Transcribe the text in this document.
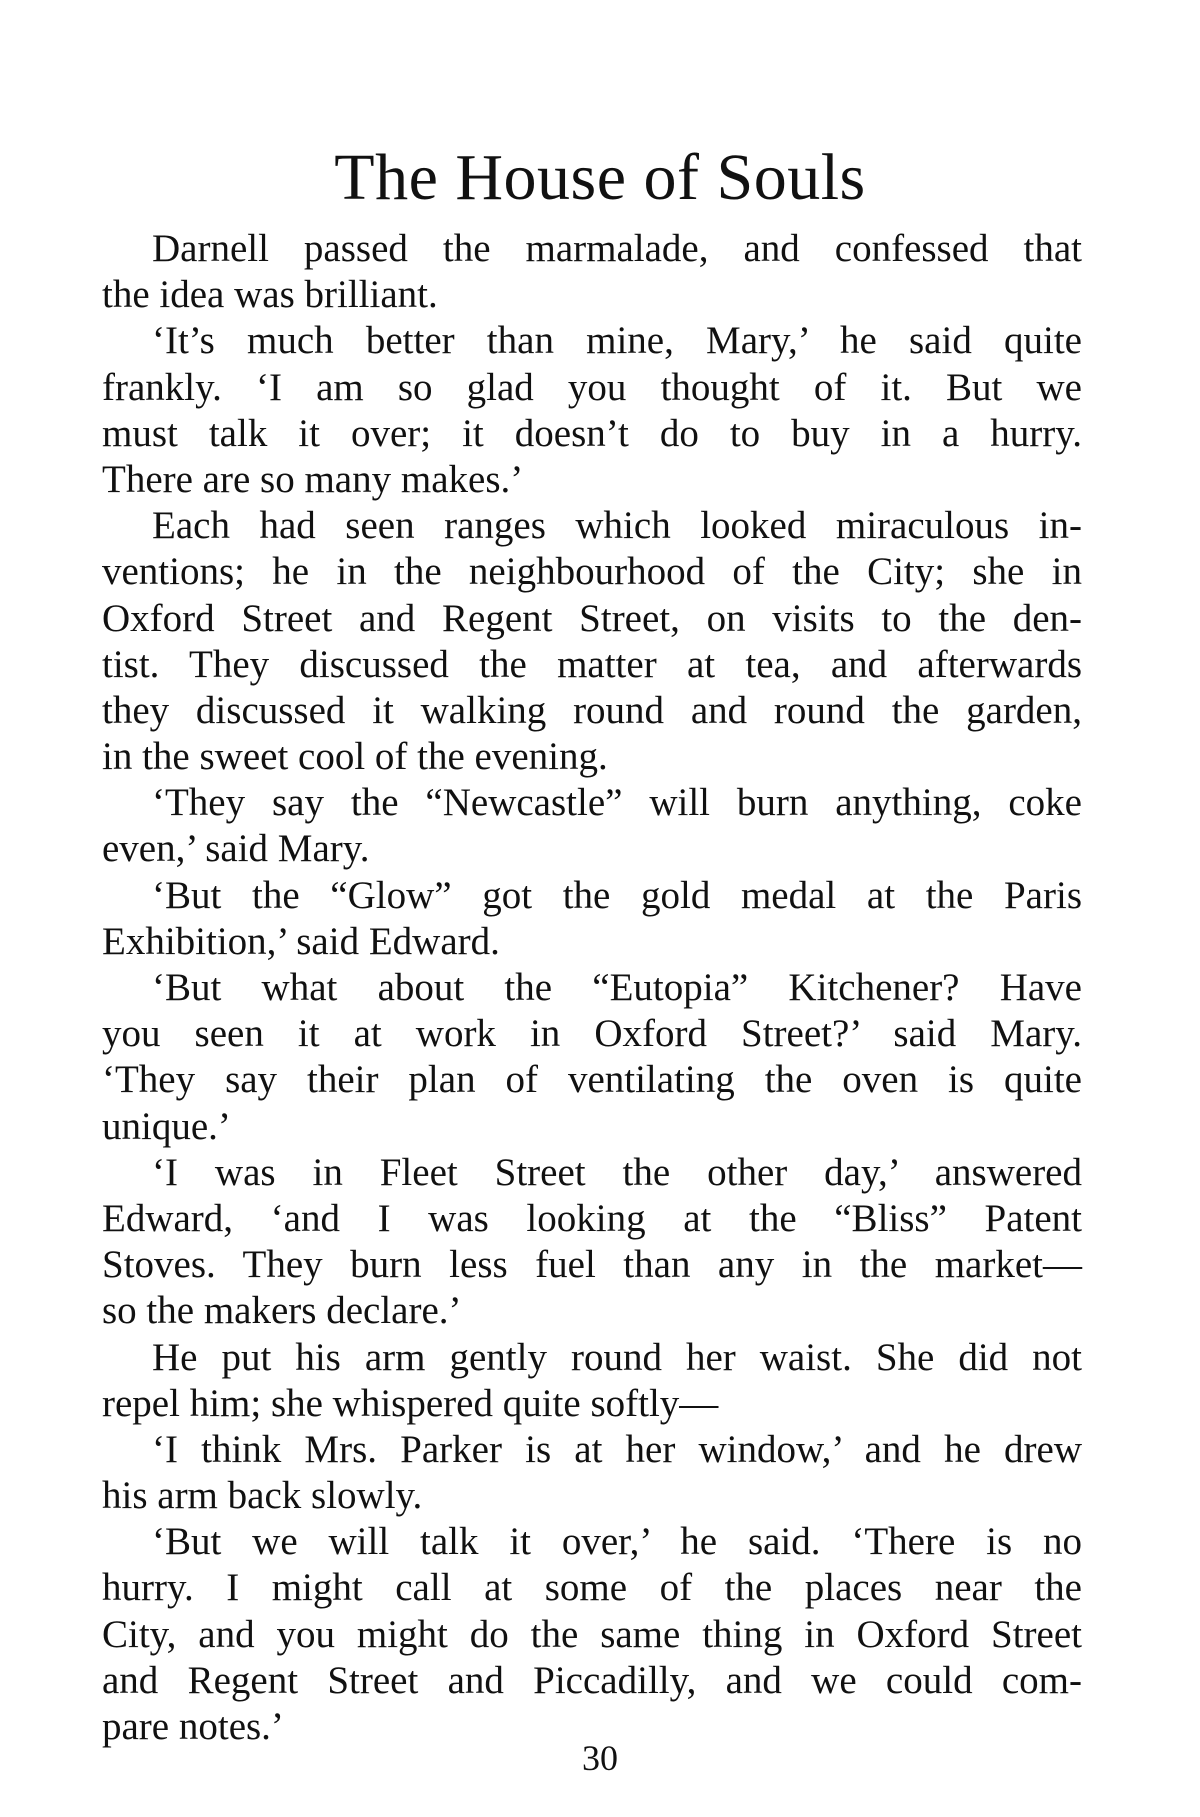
The House of Souls
Darnell passed the marmalade, and confessed that
the idea was brilliant.
‘It’s much better than mine, Mary,’ he said quite
frankly. ‘I am so glad you thought of it. But we
must talk it over; it doesn’t do to buy in a hurry.
There are so many makes.’
Each had seen ranges which looked miraculous in-
ventions; he in the neighbourhood of the City; she in
Oxford Street and Regent Street, on visits to the den-
tist. They discussed the matter at tea, and afterwards
they discussed it walking round and round the garden,
in the sweet cool of the evening.
‘They say the “Newcastle” will burn anything, coke
even,’ said Mary.
‘But the “Glow” got the gold medal at the Paris
Exhibition,’ said Edward.
‘But what about the “Eutopia” Kitchener? Have
you seen it at work in Oxford Street?’ said Mary.
‘They say their plan of ventilating the oven is quite
unique.’
‘I was in Fleet Street the other day,’ answered
Edward, ‘and I was looking at the “Bliss” Patent
Stoves. They burn less fuel than any in the market—
so the makers declare.’
He put his arm gently round her waist. She did not
repel him; she whispered quite softly—
‘I think Mrs. Parker is at her window,’ and he drew
his arm back slowly.
‘But we will talk it over,’ he said. ‘There is no
hurry. I might call at some of the places near the
City, and you might do the same thing in Oxford Street
and Regent Street and Piccadilly, and we could com-
pare notes.’
30
